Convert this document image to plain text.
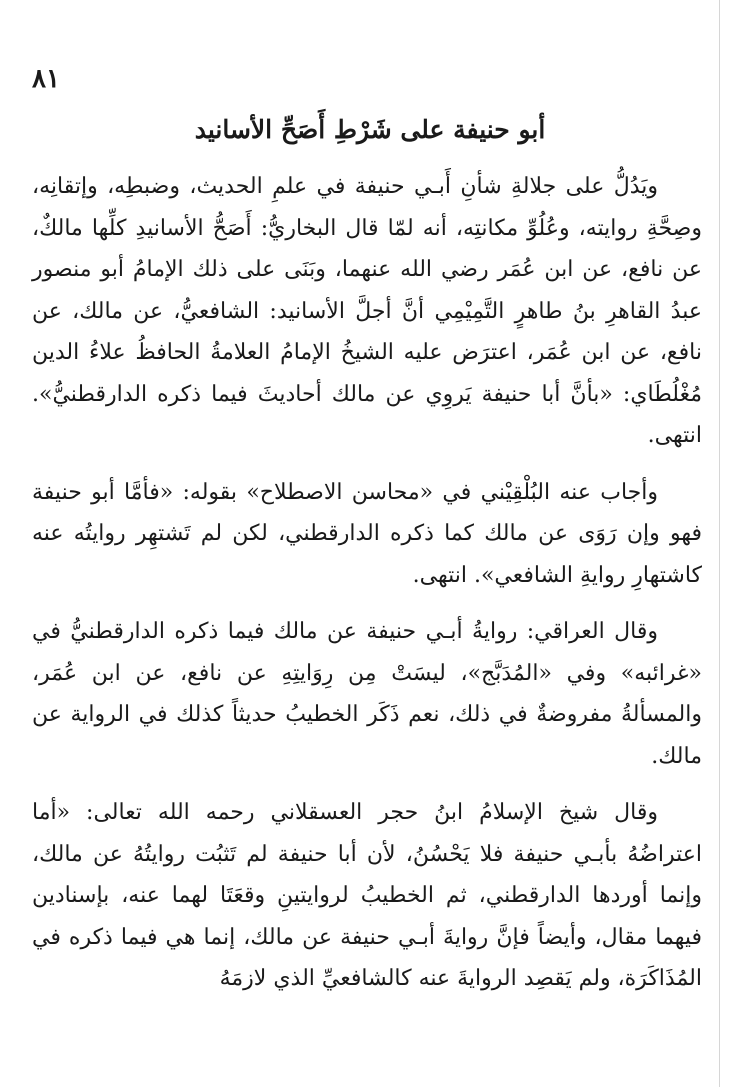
٨١

أبو حنيفة على شَرْطِ أَصَحِّ الأسانيد

ويَدُلُّ على جلالةِ شأنِ أَبـي حنيفة في علمِ الحديث، وضبطِه، وإتقانِه، وصِحَّةِ روايته، وعُلُوِّ مكانتِه، أنه لمّا قال البخاريُّ: أَصَحُّ الأسانيدِ كلِّها مالكٌ، عن نافع، عن ابن عُمَر رضي الله عنهما، وبَنَى على ذلك الإمامُ أبو منصور عبدُ القاهرِ بنُ طاهرٍ التَّمِيْمِي أنَّ أجلَّ الأسانيد: الشافعيُّ، عن مالك، عن نافع، عن ابن عُمَر، اعترَض عليه الشيخُ الإمامُ العلامةُ الحافظُ علاءُ الدين مُغْلُطَاي: «بأنَّ أبا حنيفة يَروِي عن مالك أحاديثَ فيما ذكره الدارقطنيُّ». انتهى.

وأجاب عنه البُلْقِيْني في «محاسن الاصطلاح» بقوله: «فأمَّا أبو حنيفة فهو وإن رَوَى عن مالك كما ذكره الدارقطني، لكن لم تَشتهِر روايتُه عنه كاشتهارِ روايةِ الشافعي». انتهى.

وقال العراقي: روايةُ أبـي حنيفة عن مالك فيما ذكره الدارقطنيُّ في «غرائبه» وفي «المُدَبَّج»، ليسَتْ مِن رِوَايتِهِ عن نافع، عن ابن عُمَر، والمسألةُ مفروضةٌ في ذلك، نعم ذَكَر الخطيبُ حديثاً كذلك في الرواية عن مالك.

وقال شيخ الإسلامُ ابنُ حجر العسقلاني رحمه الله تعالى: «أما اعتراضُهُ بأبـي حنيفة فلا يَحْسُنُ، لأن أبا حنيفة لم تَثبُت روايتُهُ عن مالك، وإنما أوردها الدارقطني، ثم الخطيبُ لروايتينِ وقعَتَا لهما عنه، بإسنادين فيهما مقال، وأيضاً فإنَّ روايةَ أبـي حنيفة عن مالك، إنما هي فيما ذكره في المُذَاكَرَة، ولم يَقصِد الروايةَ عنه كالشافعيِّ الذي لازمَهُ
